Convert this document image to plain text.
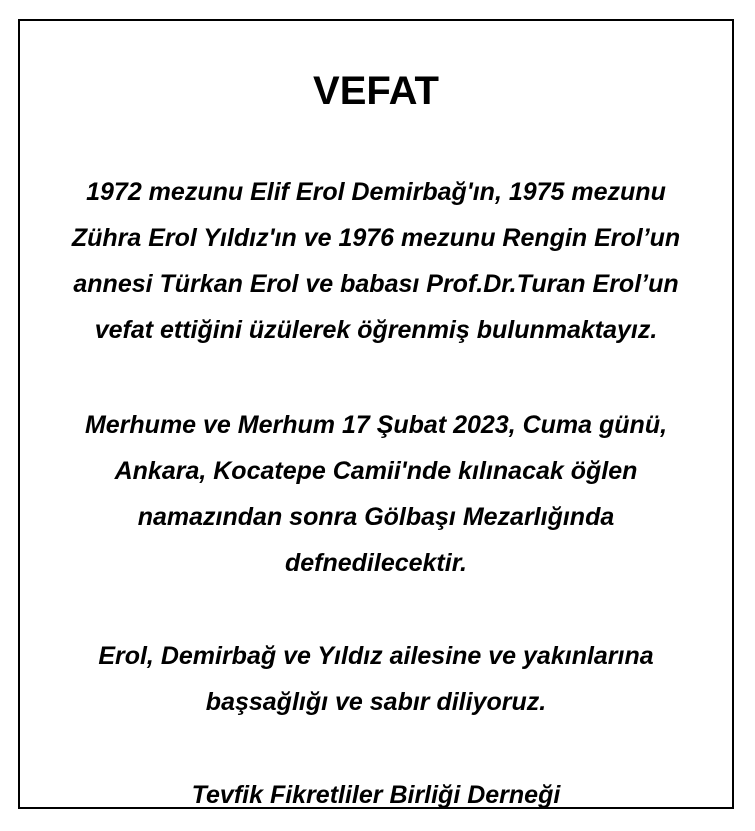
VEFAT
1972 mezunu Elif Erol Demirbağ'ın, 1975 mezunu
Zühra Erol Yıldız'ın ve 1976 mezunu Rengin Erol’un
annesi Türkan Erol ve babası Prof.Dr.Turan Erol’un
vefat ettiğini üzülerek öğrenmiş bulunmaktayız.
Merhume ve Merhum 17 Şubat 2023, Cuma günü,
Ankara, Kocatepe Camii'nde kılınacak öğlen
namazından sonra Gölbaşı Mezarlığında
defnedilecektir.
Erol, Demirbağ ve Yıldız ailesine ve yakınlarına
başsağlığı ve sabır diliyoruz.
Tevfik Fikretliler Birliği Derneği
